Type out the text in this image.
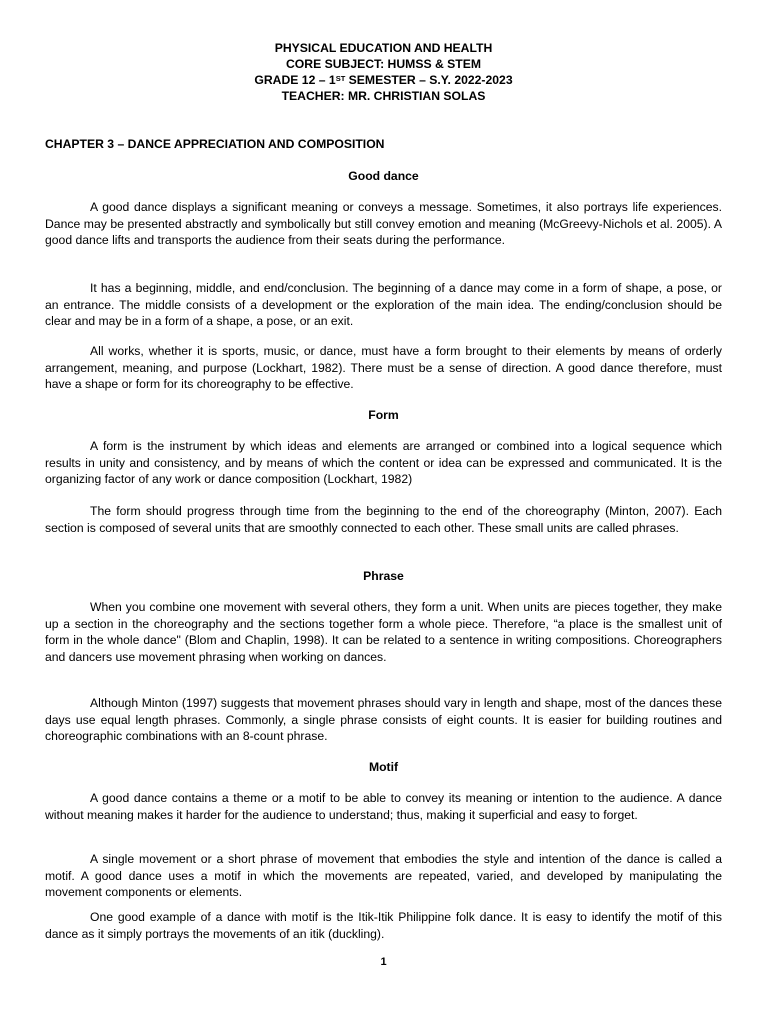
PHYSICAL EDUCATION AND HEALTH
CORE SUBJECT: HUMSS & STEM
GRADE 12 – 1ST SEMESTER – S.Y. 2022-2023
TEACHER: MR. CHRISTIAN SOLAS

CHAPTER 3 – DANCE APPRECIATION AND COMPOSITION

Good dance

A good dance displays a significant meaning or conveys a message. Sometimes, it also portrays life experiences. Dance may be presented abstractly and symbolically but still convey emotion and meaning (McGreevy-Nichols et al. 2005). A good dance lifts and transports the audience from their seats during the performance.

It has a beginning, middle, and end/conclusion. The beginning of a dance may come in a form of shape, a pose, or an entrance. The middle consists of a development or the exploration of the main idea. The ending/conclusion should be clear and may be in a form of a shape, a pose, or an exit.

All works, whether it is sports, music, or dance, must have a form brought to their elements by means of orderly arrangement, meaning, and purpose (Lockhart, 1982). There must be a sense of direction. A good dance therefore, must have a shape or form for its choreography to be effective.

Form

A form is the instrument by which ideas and elements are arranged or combined into a logical sequence which results in unity and consistency, and by means of which the content or idea can be expressed and communicated. It is the organizing factor of any work or dance composition (Lockhart, 1982)

The form should progress through time from the beginning to the end of the choreography (Minton, 2007). Each section is composed of several units that are smoothly connected to each other. These small units are called phrases.

Phrase

When you combine one movement with several others, they form a unit. When units are pieces together, they make up a section in the choreography and the sections together form a whole piece. Therefore, “a place is the smallest unit of form in the whole dance" (Blom and Chaplin, 1998). It can be related to a sentence in writing compositions. Choreographers and dancers use movement phrasing when working on dances.

Although Minton (1997) suggests that movement phrases should vary in length and shape, most of the dances these days use equal length phrases. Commonly, a single phrase consists of eight counts. It is easier for building routines and choreographic combinations with an 8-count phrase.

Motif

A good dance contains a theme or a motif to be able to convey its meaning or intention to the audience. A dance without meaning makes it harder for the audience to understand; thus, making it superficial and easy to forget.

A single movement or a short phrase of movement that embodies the style and intention of the dance is called a motif. A good dance uses a motif in which the movements are repeated, varied, and developed by manipulating the movement components or elements.

One good example of a dance with motif is the Itik-Itik Philippine folk dance. It is easy to identify the motif of this dance as it simply portrays the movements of an itik (duckling).

1
